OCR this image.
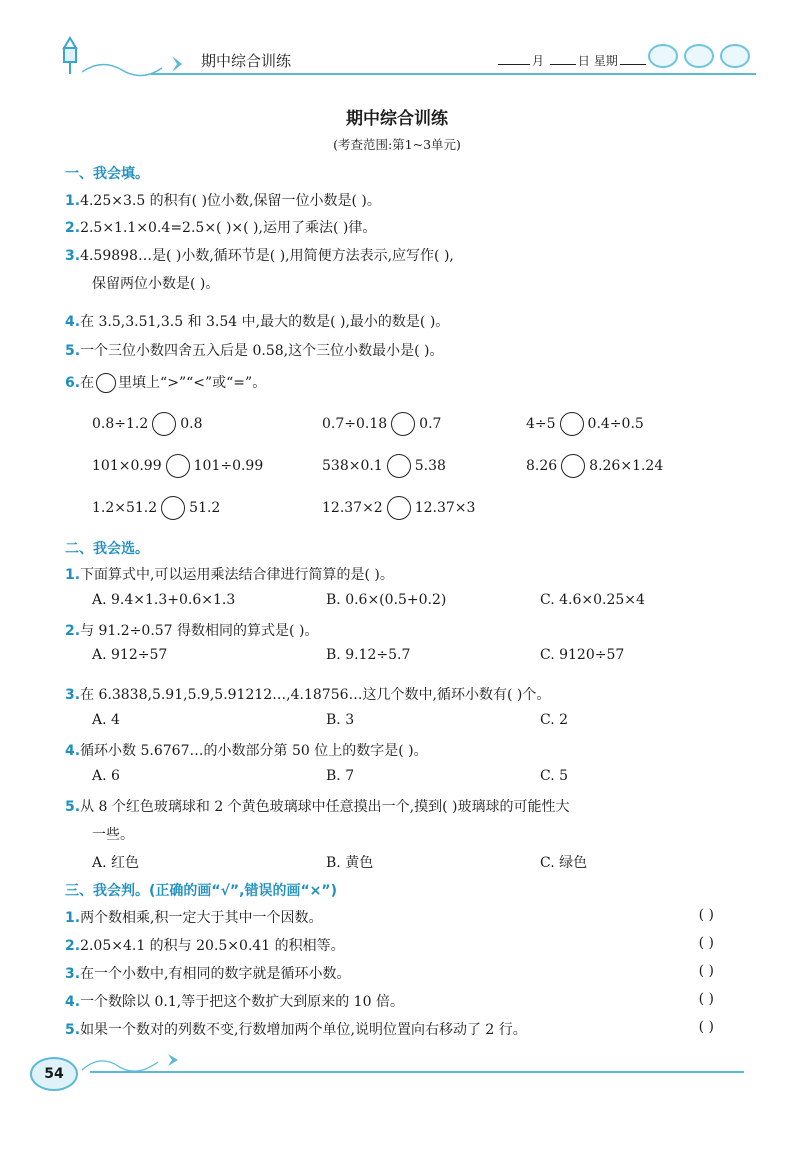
期中综合训练	月	日 星期
期中综合训练
(考查范围:第1~3单元)
一、我会填。
1.4.25×3.5 的积有( )位小数,保留一位小数是( )。
2.2.5×1.1×0.4=2.5×( )×( ),运用了乘法( )律。
3.4.59898…是( )小数,循环节是( ),用简便方法表示,应写作( ),
保留两位小数是( )。
4.在 3.5,3.51,3.5 和 3.54 中,最大的数是( ),最小的数是( )。
5.一个三位小数四舍五入后是 0.58,这个三位小数最小是( )。
6.在 里填上“>”“<”或“=”。
0.8÷1.2 0.8	0.7÷0.18 0.7	4÷5 0.4÷0.5
101×0.99 101÷0.99	538×0.1 5.38	8.26 8.26×1.24
1.2×51.2 51.2	12.37×2 12.37×3
二、我会选。
1.下面算式中,可以运用乘法结合律进行简算的是( )。
A. 9.4×1.3+0.6×1.3	B. 0.6×(0.5+0.2)	C. 4.6×0.25×4
2.与 91.2÷0.57 得数相同的算式是( )。
A. 912÷57	B. 9.12÷5.7	C. 9120÷57
3.在 6.3838,5.91,5.9,5.91212…,4.18756…这几个数中,循环小数有( )个。
A. 4	B. 3	C. 2
4.循环小数 5.6767…的小数部分第 50 位上的数字是( )。
A. 6	B. 7	C. 5
5.从 8 个红色玻璃球和 2 个黄色玻璃球中任意摸出一个,摸到( )玻璃球的可能性大
一些。
A. 红色	B. 黄色	C. 绿色
三、我会判。(正确的画“√”,错误的画“×”)
1.两个数相乘,积一定大于其中一个因数。	( )
2.2.05×4.1 的积与 20.5×0.41 的积相等。	( )
3.在一个小数中,有相同的数字就是循环小数。	( )
4.一个数除以 0.1,等于把这个数扩大到原来的 10 倍。	( )
5.如果一个数对的列数不变,行数增加两个单位,说明位置向右移动了 2 行。	( )
54
